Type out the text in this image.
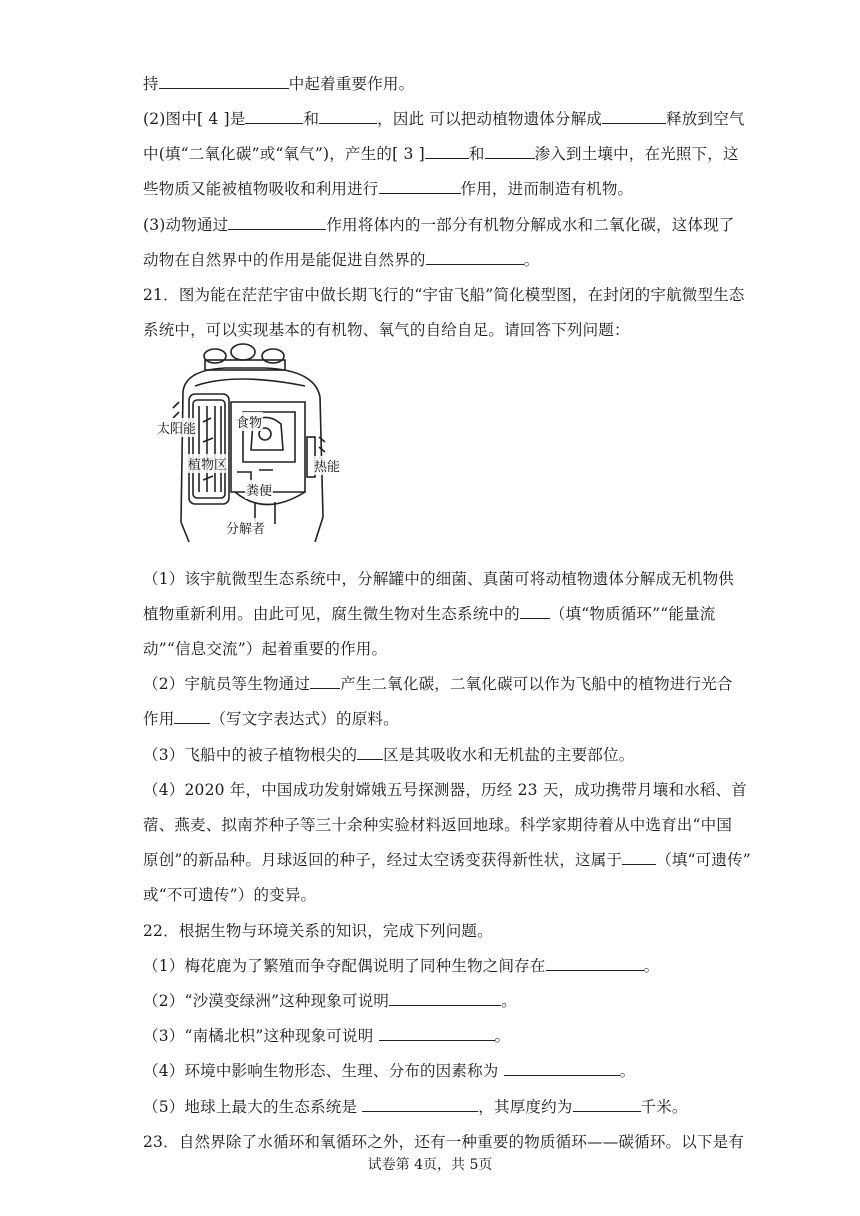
持	中起着重要作用。
(2)图中[ 4 ]是	和	，因此 可以把动植物遗体分解成	释放到空气
中(填“二氧化碳”或“氧气”)，产生的[ 3 ]	和	渗入到土壤中，在光照下，这
些物质又能被植物吸收和利用进行	作用，进而制造有机物。
(3)动物通过	作用将体内的一部分有机物分解成水和二氧化碳，这体现了
动物在自然界中的作用是能促进自然界的	。
21．图为能在茫茫宇宙中做长期飞行的“宇宙飞船”简化模型图，在封闭的宇航微型生态
系统中，可以实现基本的有机物、氧气的自给自足。请回答下列问题：
（1）该宇航微型生态系统中，分解罐中的细菌、真菌可将动植物遗体分解成无机物供
植物重新利用。由此可见，腐生微生物对生态系统中的 （填“物质循环”“能量流
动”“信息交流”）起着重要的作用。
（2）宇航员等生物通过 产生二氧化碳，二氧化碳可以作为飞船中的植物进行光合
作用 （写文字表达式）的原料。
（3）飞船中的被子植物根尖的 区是其吸收水和无机盐的主要部位。
（4）2020 年，中国成功发射嫦娥五号探测器，历经 23 天，成功携带月壤和水稻、首
蓿、燕麦、拟南芥种子等三十余种实验材料返回地球。科学家期待着从中选育出“中国
原创”的新品种。月球返回的种子，经过太空诱变获得新性状，这属于 （填“可遗传”
或“不可遗传”）的变异。
22．根据生物与环境关系的知识，完成下列问题。
（1）梅花鹿为了繁殖而争夺配偶说明了同种生物之间存在	。
（2）“沙漠变绿洲”这种现象可说明	。
（3）“南橘北枳”这种现象可说明	。
（4）环境中影响生物形态、生理、分布的因素称为	。
（5）地球上最大的生态系统是	，其厚度约为	千米。
23．自然界除了水循环和氧循环之外，还有一种重要的物质循环——碳循环。以下是有
太阳能	食物
植物区	热能
粪便
分解者
试卷第 4页，共 5页
